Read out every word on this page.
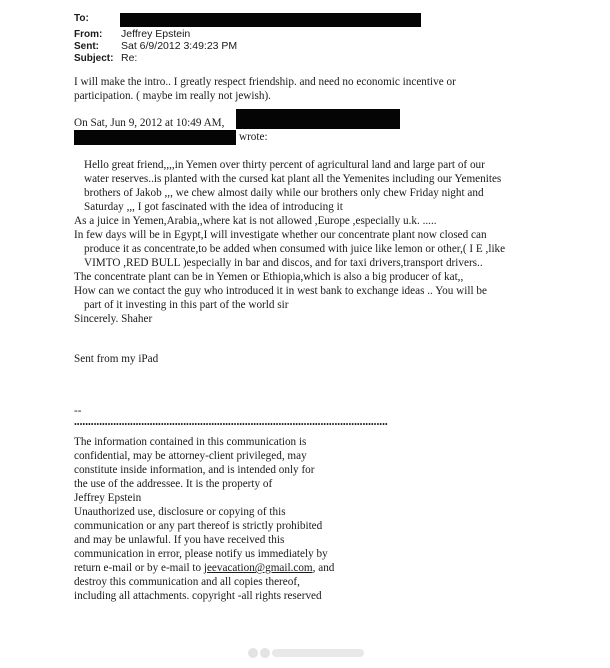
To:
From: Jeffrey Epstein
Sent: Sat 6/9/2012 3:49:23 PM
Subject: Re:
I will make the intro.. I greatly respect friendship. and need no economic incentive or
participation. ( maybe im really not jewish).
On Sat, Jun 9, 2012 at 10:49 AM,
wrote:
Hello great friend,,,,in Yemen over thirty percent of agricultural land and large part of our
water reserves..is planted with the cursed kat plant all the Yemenites including our Yemenites
brothers of Jakob ,,, we chew almost daily while our brothers only chew Friday night and
Saturday ,,, I got fascinated with the idea of introducing it
As a juice in Yemen,Arabia,,where kat is not allowed ,Europe ,especially u.k. .....
In few days will be in Egypt,I will investigate whether our concentrate plant now closed can
produce it as concentrate,to be added when consumed with juice like lemon or other,( I E ,like
VIMTO ,RED BULL )especially in bar and discos, and for taxi drivers,transport drivers..
The concentrate plant can be in Yemen or Ethiopia,which is also a big producer of kat,,
How can we contact the guy who introduced it in west bank to exchange ideas .. You will be
part of it investing in this part of the world sir
Sincerely. Shaher
Sent from my iPad
--
••••••••••••••••••••••••••••••••••••••••••••••••••••••••••••••••••••••••••••••••••••••••••••••••••••••••••••••••
The information contained in this communication is
confidential, may be attorney-client privileged, may
constitute inside information, and is intended only for
the use of the addressee. It is the property of
Jeffrey Epstein
Unauthorized use, disclosure or copying of this
communication or any part thereof is strictly prohibited
and may be unlawful. If you have received this
communication in error, please notify us immediately by
return e-mail or by e-mail to jeevacation@gmail.com, and
destroy this communication and all copies thereof,
including all attachments. copyright -all rights reserved
